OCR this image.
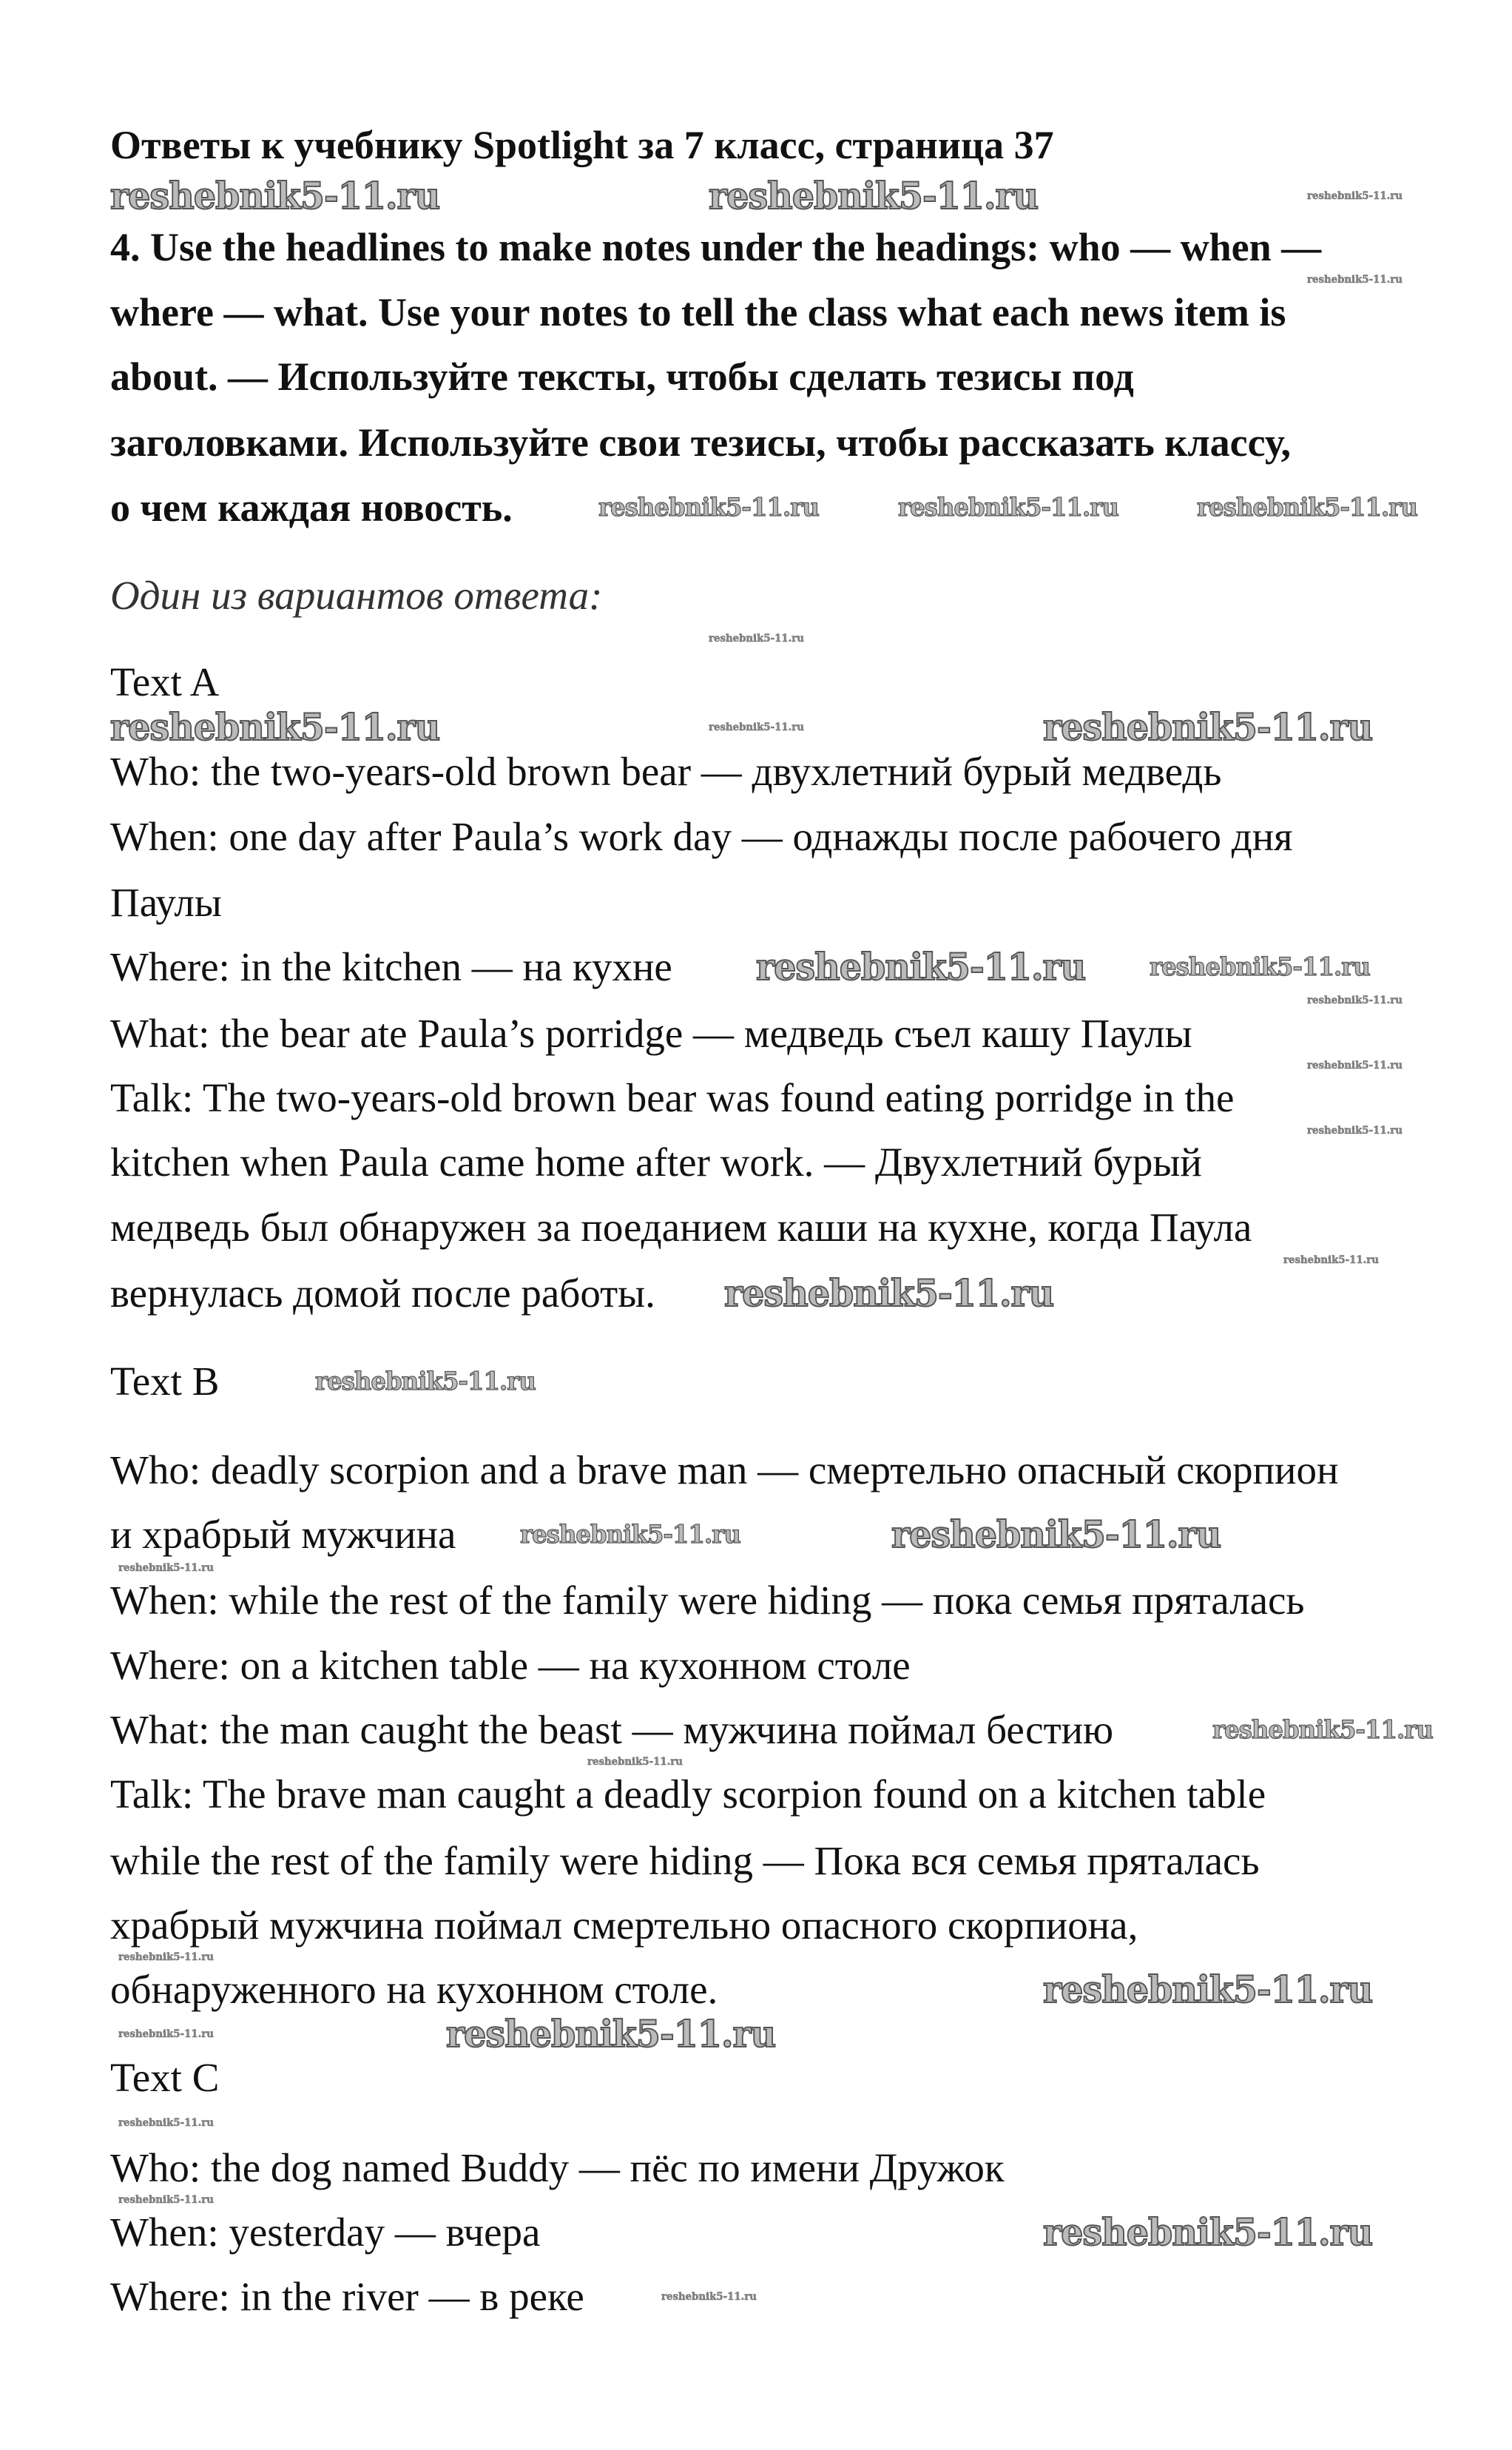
Ответы к учебнику Spotlight за 7 класс, страница 37
4. Use the headlines to make notes under the headings: who — when —
where — what. Use your notes to tell the class what each news item is
about. — Используйте тексты, чтобы сделать тезисы под
заголовками. Используйте свои тезисы, чтобы рассказать классу,
о чем каждая новость.
Один из вариантов ответа:
Text A
Who: the two-years-old brown bear — двухлетний бурый медведь
When: one day after Paula’s work day — однажды после рабочего дня
Паулы
Where: in the kitchen — на кухне
What: the bear ate Paula’s porridge — медведь съел кашу Паулы
Talk: The two-years-old brown bear was found eating porridge in the
kitchen when Paula came home after work. — Двухлетний бурый
медведь был обнаружен за поеданием каши на кухне, когда Паула
вернулась домой после работы.
Text B
Who: deadly scorpion and a brave man — смертельно опасный скорпион
и храбрый мужчина
When: while the rest of the family were hiding — пока семья пряталась
Where: on a kitchen table — на кухонном столе
What: the man caught the beast — мужчина поймал бестию
Talk: The brave man caught a deadly scorpion found on a kitchen table
while the rest of the family were hiding — Пока вся семья пряталась
храбрый мужчина поймал смертельно опасного скорпиона,
обнаруженного на кухонном столе.
Text C
Who: the dog named Buddy — пёс по имени Дружок
When: yesterday — вчера
Where: in the river — в реке
reshebnik5-11.ru	reshebnik5-11.ru
reshebnik5-11.ru	reshebnik5-11.ru
reshebnik5-11.ru
reshebnik5-11.ru
reshebnik5-11.ru
reshebnik5-11.ru
reshebnik5-11.ru
reshebnik5-11.ru
reshebnik5-11.ru	reshebnik5-11.ru	reshebnik5-11.ru
reshebnik5-11.ru
reshebnik5-11.ru
reshebnik5-11.ru
reshebnik5-11.ru
reshebnik5-11.ru
reshebnik5-11.ru
reshebnik5-11.ru
reshebnik5-11.ru
reshebnik5-11.ru
reshebnik5-11.ru
reshebnik5-11.ru
reshebnik5-11.ru
reshebnik5-11.ru
reshebnik5-11.ru
reshebnik5-11.ru
reshebnik5-11.ru
reshebnik5-11.ru
reshebnik5-11.ru
reshebnik5-11.ru
